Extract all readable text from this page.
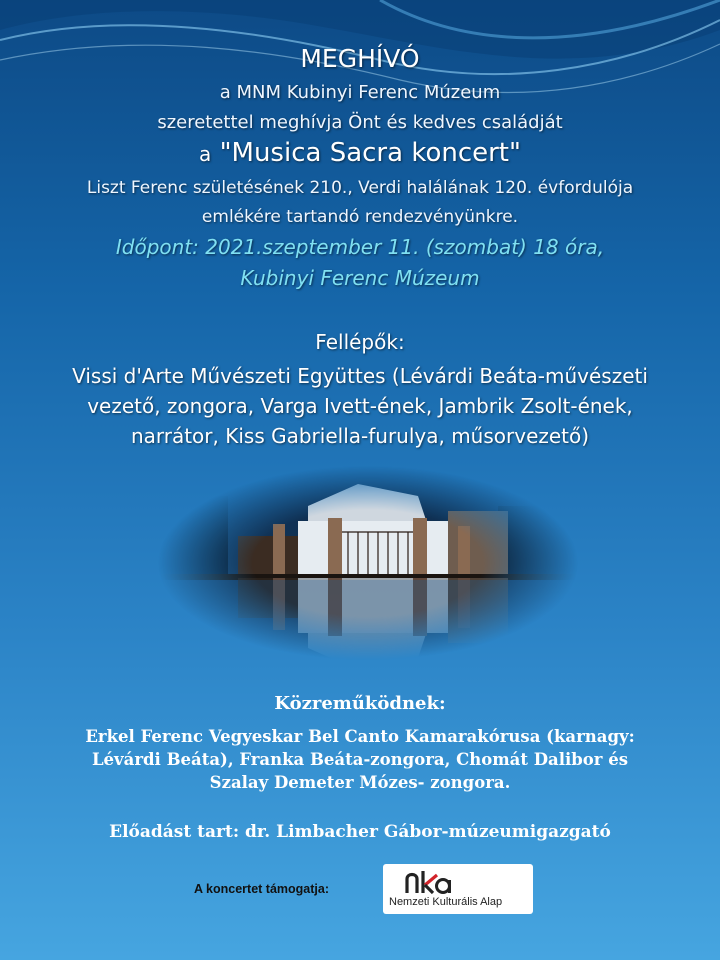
MEGHÍVÓ
a MNM Kubinyi Ferenc Múzeum
szeretettel meghívja Önt és kedves családját
a "Musica Sacra koncert"
Liszt Ferenc születésének 210., Verdi halálának 120. évfordulója
emlékére tartandó rendezvényünkre.
Időpont: 2021.szeptember 11. (szombat) 18 óra,
Kubinyi Ferenc Múzeum
Fellépők:
Vissi d'Arte Művészeti Együttes (Lévárdi Beáta-művészeti
vezető, zongora, Varga Ivett-ének, Jambrik Zsolt-ének,
narrátor, Kiss Gabriella-furulya, műsorvezető)
Közreműködnek:
Erkel Ferenc Vegyeskar Bel Canto Kamarakórusa (karnagy:
Lévárdi Beáta), Franka Beáta-zongora, Chomát Dalibor és
Szalay Demeter Mózes- zongora.
Előadást tart: dr. Limbacher Gábor-múzeumigazgató
A koncertet támogatja:
Nemzeti Kulturális Alap
